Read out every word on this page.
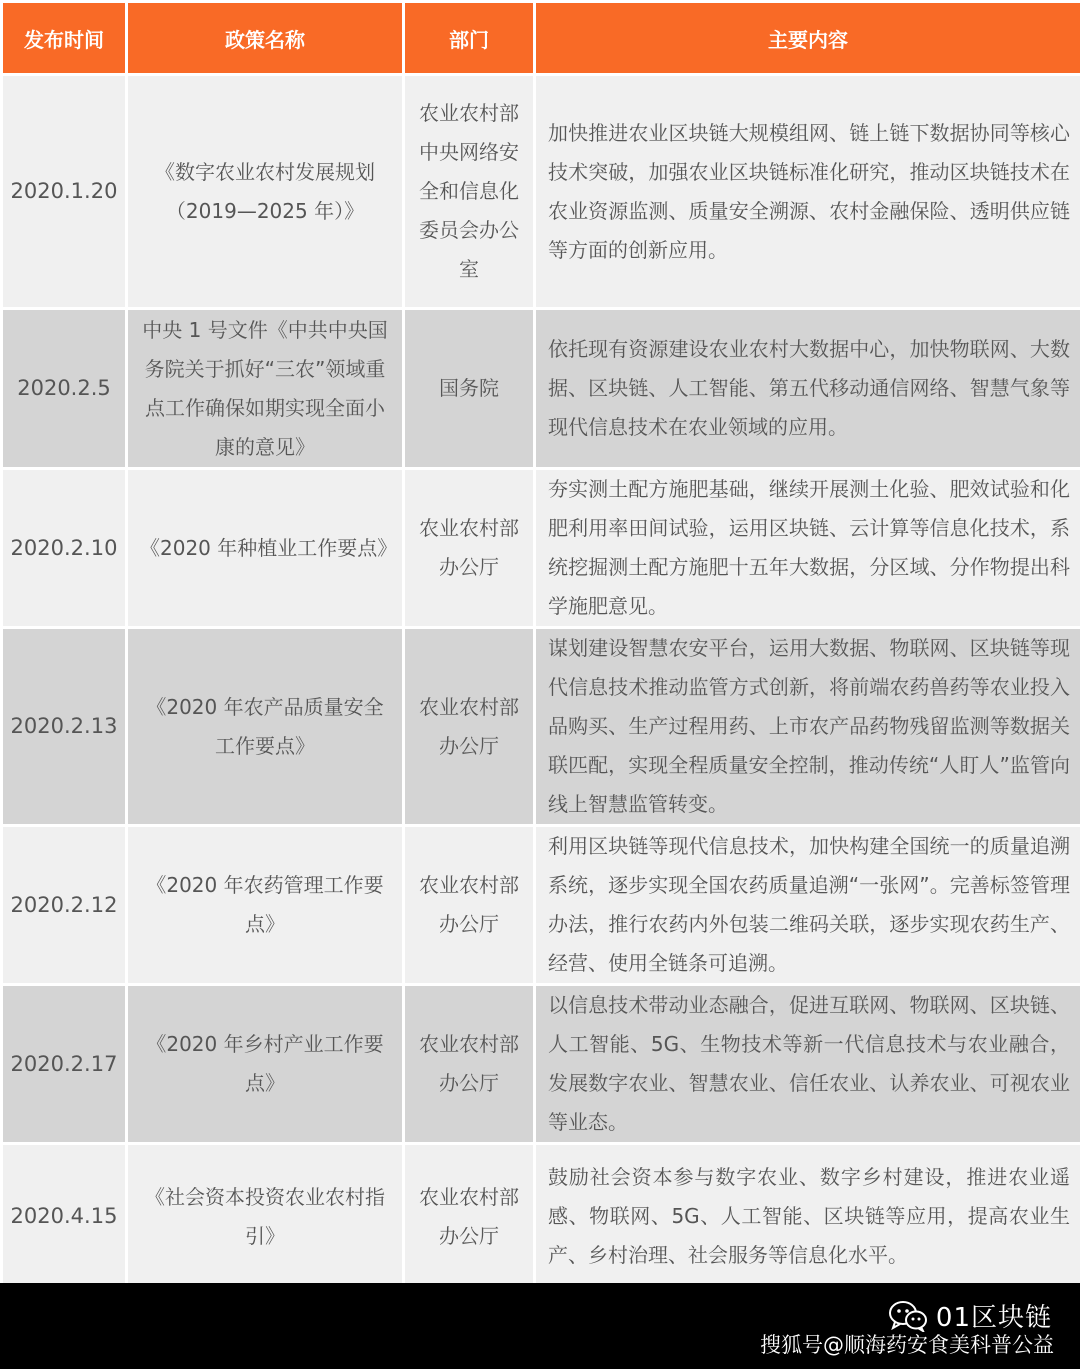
发布时间	政策名称	部门	主要内容
2020.1.20	《数字农业农村发展规划（2019—2025 年）》	农业农村部 中央网络安全和信息化委员会办公室	加快推进农业区块链大规模组网、链上链下数据协同等核心技术突破，加强农业区块链标准化研究，推动区块链技术在农业资源监测、质量安全溯源、农村金融保险、透明供应链等方面的创新应用。
2020.2.5	中央 1 号文件《中共中央国务院关于抓好“三农”领域重点工作确保如期实现全面小康的意见》	国务院	依托现有资源建设农业农村大数据中心，加快物联网、大数据、区块链、人工智能、第五代移动通信网络、智慧气象等现代信息技术在农业领域的应用。
2020.2.10	《2020 年种植业工作要点》	农业农村部办公厅	夯实测土配方施肥基础，继续开展测土化验、肥效试验和化肥利用率田间试验，运用区块链、云计算等信息化技术，系统挖掘测土配方施肥十五年大数据，分区域、分作物提出科学施肥意见。
2020.2.13	《2020 年农产品质量安全工作要点》	农业农村部办公厅	谋划建设智慧农安平台，运用大数据、物联网、区块链等现代信息技术推动监管方式创新，将前端农药兽药等农业投入品购买、生产过程用药、上市农产品药物残留监测等数据关联匹配，实现全程质量安全控制，推动传统“人盯人”监管向线上智慧监管转变。
2020.2.12	《2020 年农药管理工作要点》	农业农村部办公厅	利用区块链等现代信息技术，加快构建全国统一的质量追溯系统，逐步实现全国农药质量追溯“一张网”。完善标签管理办法，推行农药内外包装二维码关联，逐步实现农药生产、经营、使用全链条可追溯。
2020.2.17	《2020 年乡村产业工作要点》	农业农村部办公厅	以信息技术带动业态融合，促进互联网、物联网、区块链、人工智能、5G、生物技术等新一代信息技术与农业融合，发展数字农业、智慧农业、信任农业、认养农业、可视农业等业态。
2020.4.15	《社会资本投资农业农村指引》	农业农村部办公厅	鼓励社会资本参与数字农业、数字乡村建设，推进农业遥感、物联网、5G、人工智能、区块链等应用，提高农业生产、乡村治理、社会服务等信息化水平。
01区块链
搜狐号@顺海药安食美科普公益
